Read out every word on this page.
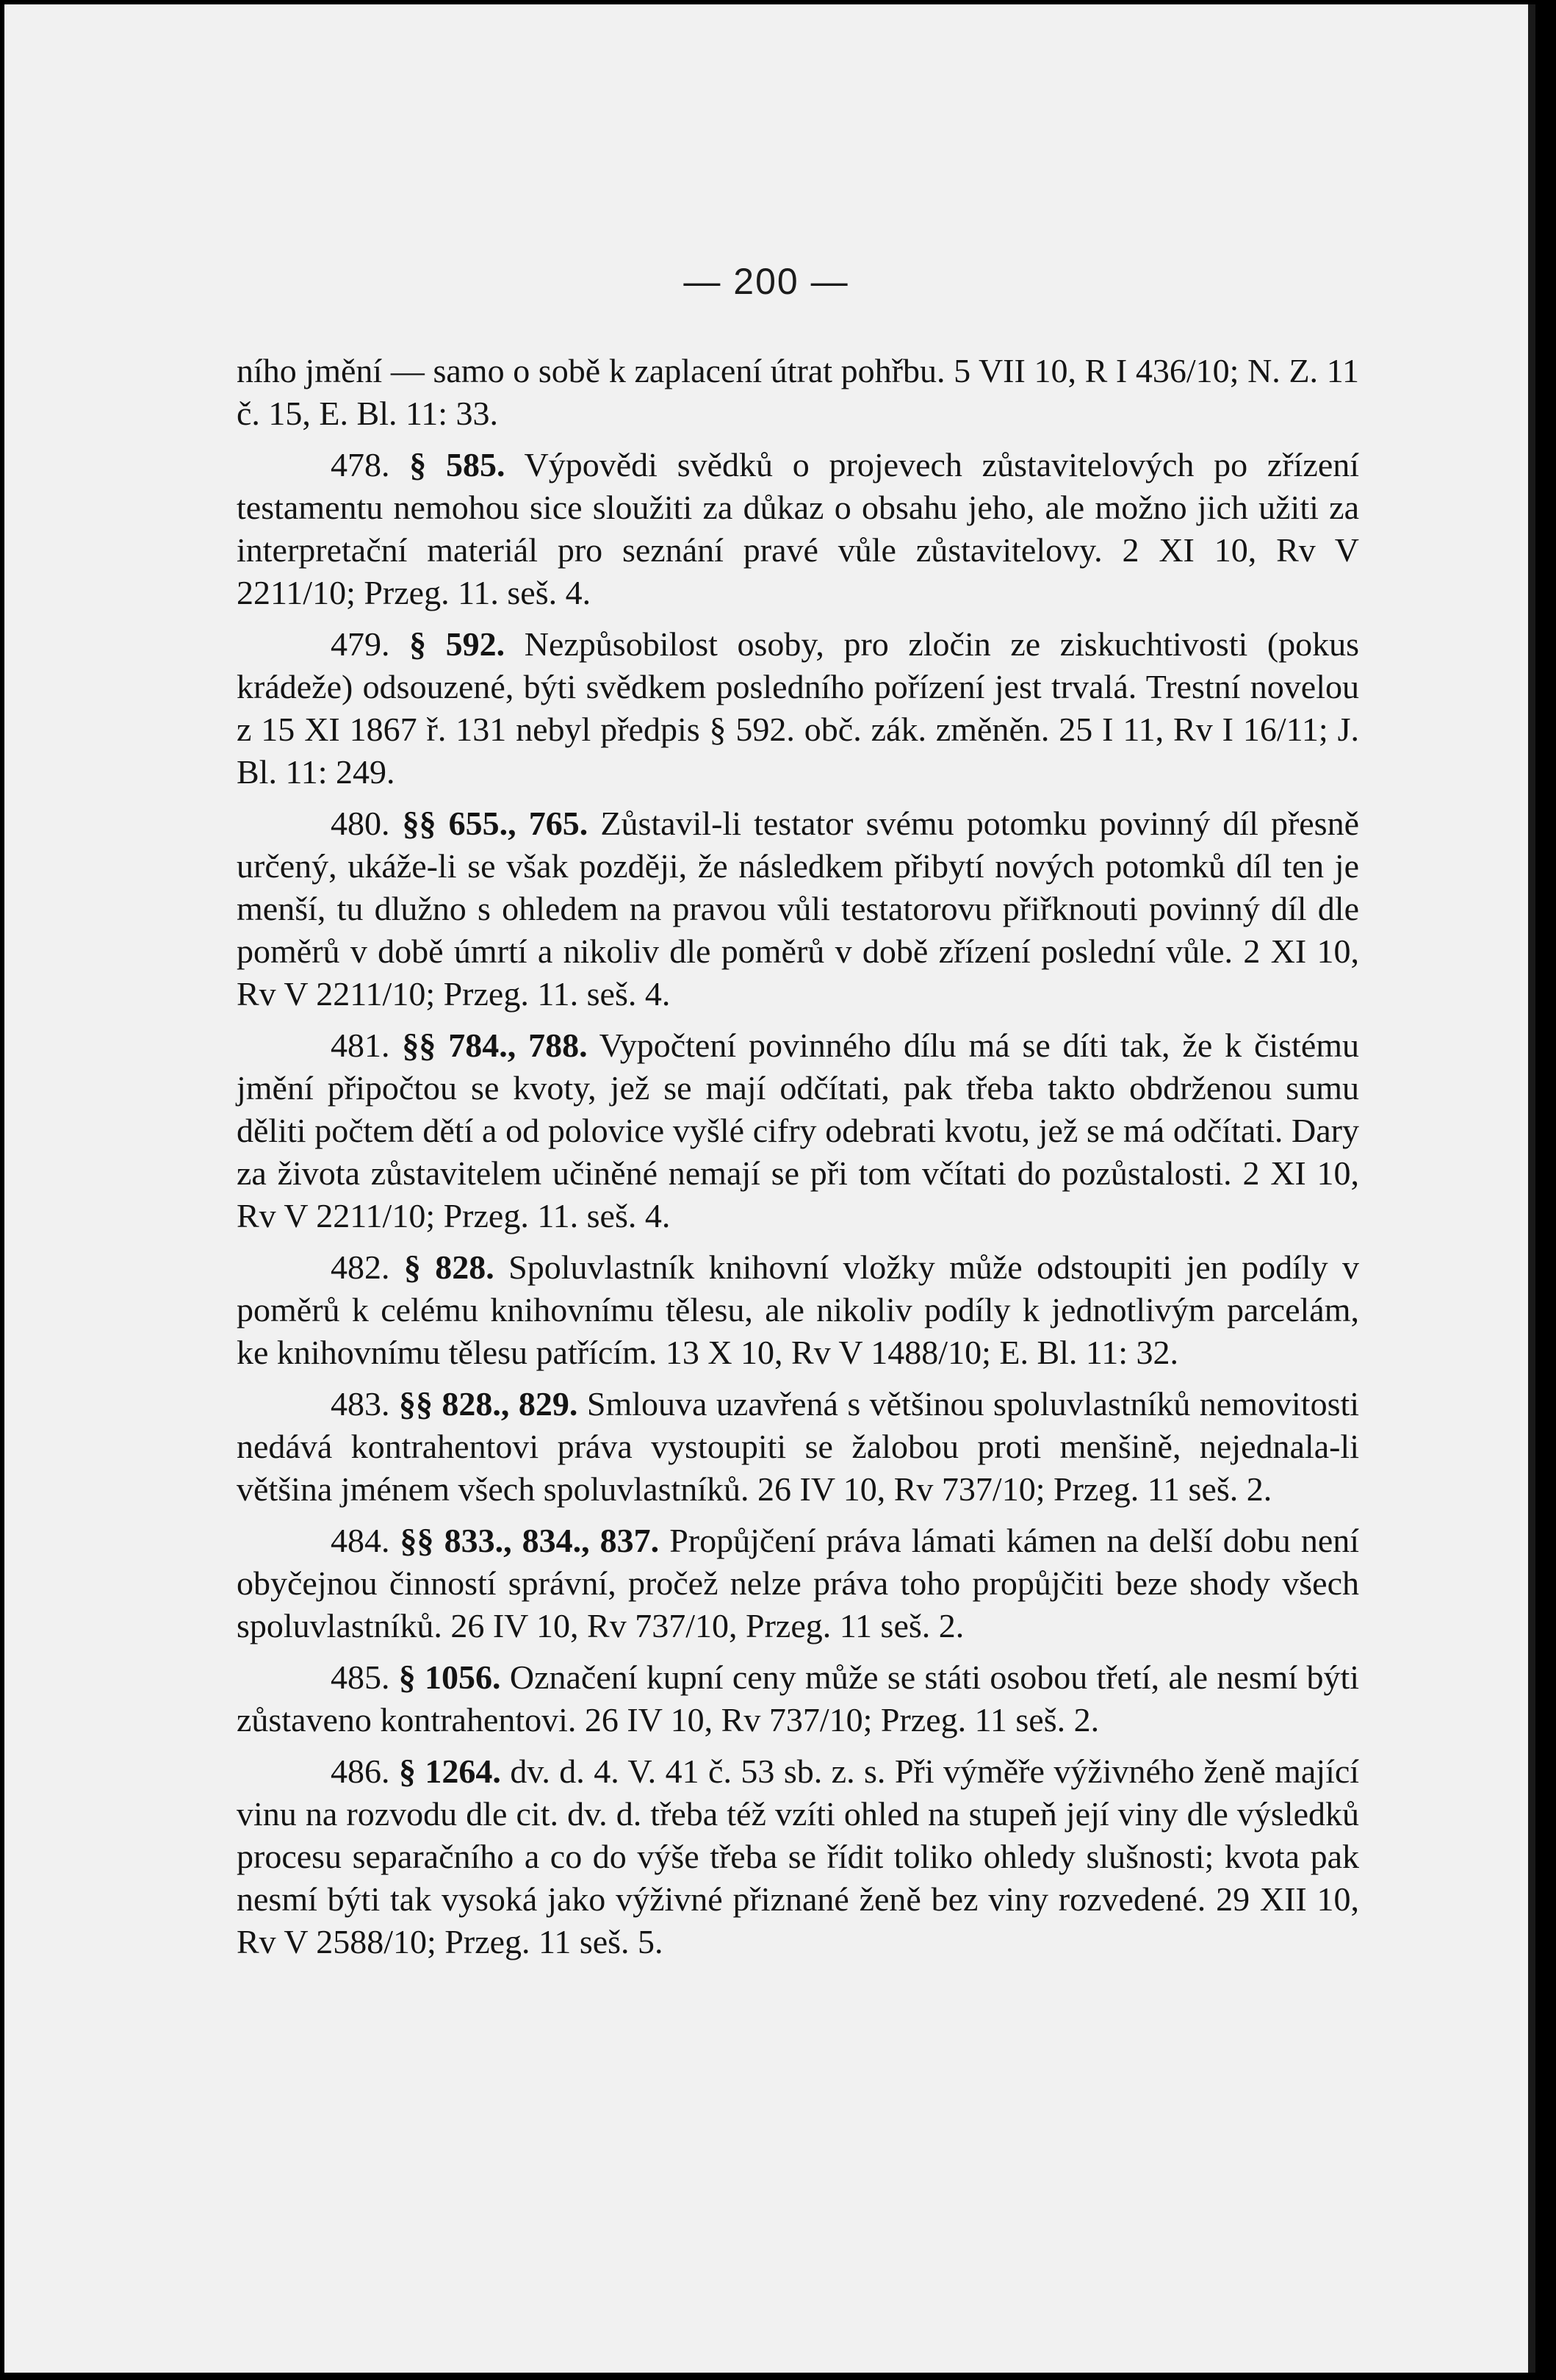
— 200 —

ního jmění — samo o sobě k zaplacení útrat pohřbu. 5 VII 10, R I 436/10; N. Z. 11 č. 15, E. Bl. 11: 33.

478. § 585. Výpovědi svědků o projevech zůstavitelových po zřízení testamentu nemohou sice sloužiti za důkaz o obsahu jeho, ale možno jich užiti za interpretační materiál pro seznání pravé vůle zůstavitelovy. 2 XI 10, Rv V 2211/10; Przeg. 11. seš. 4.

479. § 592. Nezpůsobilost osoby, pro zločin ze ziskuchtivosti (pokus krádeže) odsouzené, býti svědkem posledního pořízení jest trvalá. Trestní novelou z 15 XI 1867 ř. 131 nebyl předpis § 592. obč. zák. změněn. 25 I 11, Rv I 16/11; J. Bl. 11: 249.

480. §§ 655., 765. Zůstavil-li testator svému potomku povinný díl přesně určený, ukáže-li se však později, že následkem přibytí nových potomků díl ten je menší, tu dlužno s ohledem na pravou vůli testatorovu přiřknouti povinný díl dle poměrů v době úmrtí a nikoliv dle poměrů v době zřízení poslední vůle. 2 XI 10, Rv V 2211/10; Przeg. 11. seš. 4.

481. §§ 784., 788. Vypočtení povinného dílu má se díti tak, že k čistému jmění připočtou se kvoty, jež se mají odčítati, pak třeba takto obdrženou sumu děliti počtem dětí a od polovice vyšlé cifry odebrati kvotu, jež se má odčítati. Dary za života zůstavitelem učiněné nemají se při tom včítati do pozůstalosti. 2 XI 10, Rv V 2211/10; Przeg. 11. seš. 4.

482. § 828. Spoluvlastník knihovní vložky může odstoupiti jen podíly v poměrů k celému knihovnímu tělesu, ale nikoliv podíly k jednotlivým parcelám, ke knihovnímu tělesu patřícím. 13 X 10, Rv V 1488/10; E. Bl. 11: 32.

483. §§ 828., 829. Smlouva uzavřená s většinou spoluvlastníků nemovitosti nedává kontrahentovi práva vystoupiti se žalobou proti menšině, nejednala-li většina jménem všech spoluvlastníků. 26 IV 10, Rv 737/10; Przeg. 11 seš. 2.

484. §§ 833., 834., 837. Propůjčení práva lámati kámen na delší dobu není obyčejnou činností správní, pročež nelze práva toho propůjčiti beze shody všech spoluvlastníků. 26 IV 10, Rv 737/10, Przeg. 11 seš. 2.

485. § 1056. Označení kupní ceny může se státi osobou třetí, ale nesmí býti zůstaveno kontrahentovi. 26 IV 10, Rv 737/10; Przeg. 11 seš. 2.

486. § 1264. dv. d. 4. V. 41 č. 53 sb. z. s. Při výměře výživného ženě mající vinu na rozvodu dle cit. dv. d. třeba též vzíti ohled na stupeň její viny dle výsledků procesu separačního a co do výše třeba se řídit toliko ohledy slušnosti; kvota pak nesmí býti tak vysoká jako výživné přiznané ženě bez viny rozvedené. 29 XII 10, Rv V 2588/10; Przeg. 11 seš. 5.
